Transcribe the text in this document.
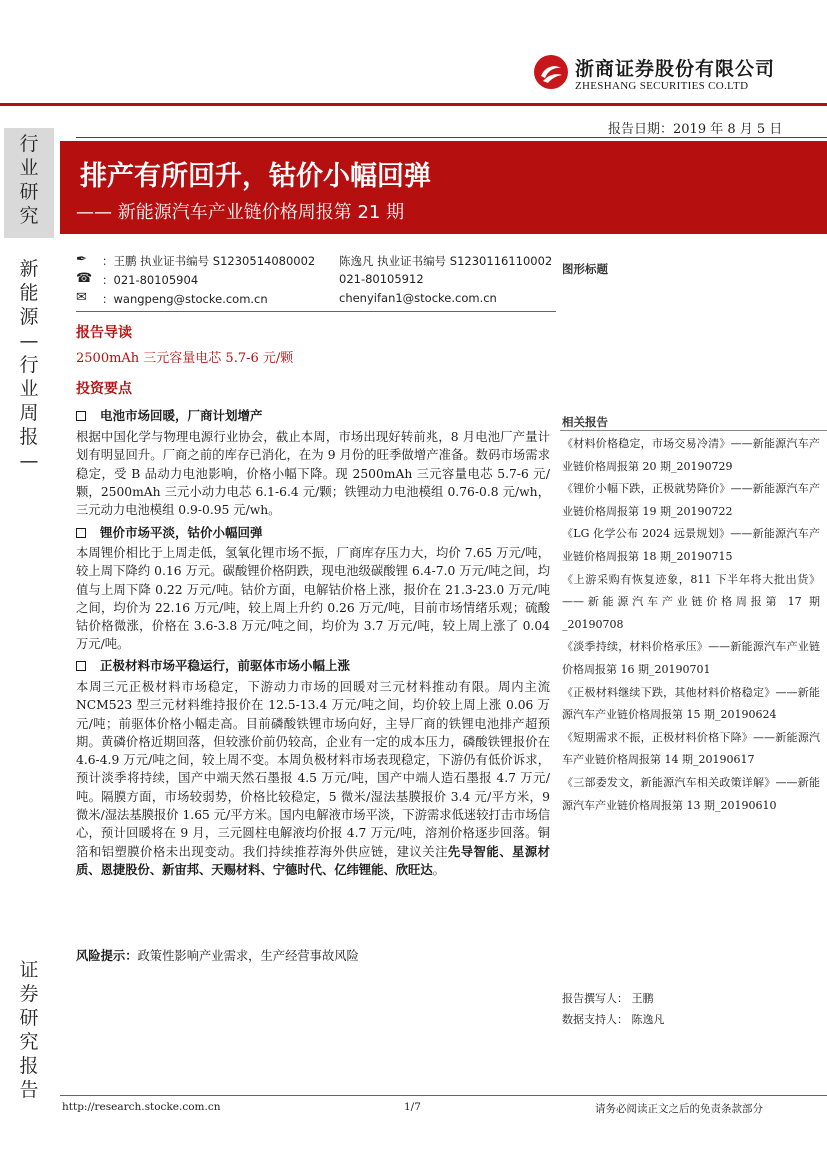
浙商证券股份有限公司
ZHESHANG SECURITIES CO.LTD
行
业
研
究
新
能
源
—
行
业
周
报
—
证
券
研
究
报
告
报告日期：2019 年 8 月 5 日
排产有所回升，钴价小幅回弹
—— 新能源汽车产业链价格周报第 21 期
✒	：王鹏 执业证书编号 S1230514080002 陈逸凡 执业证书编号 S1230116110002
☎ ：021-80105904	021-80105912
✉	：wangpeng@stocke.com.cn	chenyifan1@stocke.com.cn
报告导读
2500mAh 三元容量电芯 5.7-6 元/颗
投资要点
电池市场回暖，厂商计划增产
根据中国化学与物理电源行业协会，截止本周，市场出现好转前兆，8 月电池厂产量计划有明显回升。厂商之前的库存已消化，在为 9 月份的旺季做增产准备。数码市场需求稳定，受 B 品动力电池影响，价格小幅下降。现 2500mAh 三元容量电芯 5.7-6 元/颗，2500mAh 三元小动力电芯 6.1-6.4 元/颗；铁锂动力电池模组 0.76-0.8 元/wh，三元动力电池模组 0.9-0.95 元/wh。
锂价市场平淡，钴价小幅回弹
本周锂价相比于上周走低，氢氧化锂市场不振，厂商库存压力大，均价 7.65 万元/吨，较上周下降约 0.16 万元。碳酸锂价格阴跌，现电池级碳酸锂 6.4-7.0 万元/吨之间，均值与上周下降 0.22 万元/吨。钴价方面，电解钴价格上涨，报价在 21.3-23.0 万元/吨之间，均价为 22.16 万元/吨，较上周上升约 0.26 万元/吨，目前市场情绪乐观；硫酸钴价格微涨，价格在 3.6-3.8 万元/吨之间，均价为 3.7 万元/吨，较上周上涨了 0.04 万元/吨。
正极材料市场平稳运行，前驱体市场小幅上涨
本周三元正极材料市场稳定，下游动力市场的回暖对三元材料推动有限。周内主流 NCM523 型三元材料维持报价在 12.5-13.4 万元/吨之间，均价较上周上涨 0.06 万元/吨；前驱体价格小幅走高。目前磷酸铁锂市场向好，主导厂商的铁锂电池排产超预期。黄磷价格近期回落，但较涨价前仍较高，企业有一定的成本压力，磷酸铁锂报价在 4.6-4.9 万元/吨之间，较上周不变。本周负极材料市场表现稳定，下游仍有低价诉求，预计淡季将持续，国产中端天然石墨报 4.5 万元/吨，国产中端人造石墨报 4.7 万元/吨。隔膜方面，市场较弱势，价格比较稳定，5 微米/湿法基膜报价 3.4 元/平方米，9 微米/湿法基膜报价 1.65 元/平方米。国内电解液市场平淡，下游需求低迷较打击市场信心，预计回暖将在 9 月，三元圆柱电解液均价报 4.7 万元/吨，溶剂价格逐步回落。铜箔和铝塑膜价格未出现变动。我们持续推荐海外供应链，建议关注先导智能、星源材质、恩捷股份、新宙邦、天赐材料、宁德时代、亿纬锂能、欣旺达。
风险提示：政策性影响产业需求，生产经营事故风险
图形标题
相关报告

《材料价格稳定，市场交易冷清》——新能源汽车产业链价格周报第 20 期_20190729

《锂价小幅下跌，正极就势降价》——新能源汽车产业链价格周报第 19 期_20190722

《LG 化学公布 2024 远景规划》——新能源汽车产业链价格周报第 18 期_20190715

《上游采购有恢复迹象，811 下半年将大批出货》——新能源汽车产业链价格周报第 17 期_20190708

《淡季持续，材料价格承压》——新能源汽车产业链价格周报第 16 期_20190701

《正极材料继续下跌，其他材料价格稳定》——新能源汽车产业链价格周报第 15 期_20190624

《短期需求不振，正极材料价格下降》——新能源汽车产业链价格周报第 14 期_20190617

《三部委发文，新能源汽车相关政策详解》——新能源汽车产业链价格周报第 13 期_20190610

报告撰写人： 王鹏
数据支持人： 陈逸凡
http://research.stocke.com.cn	1/7	请务必阅读正文之后的免责条款部分
